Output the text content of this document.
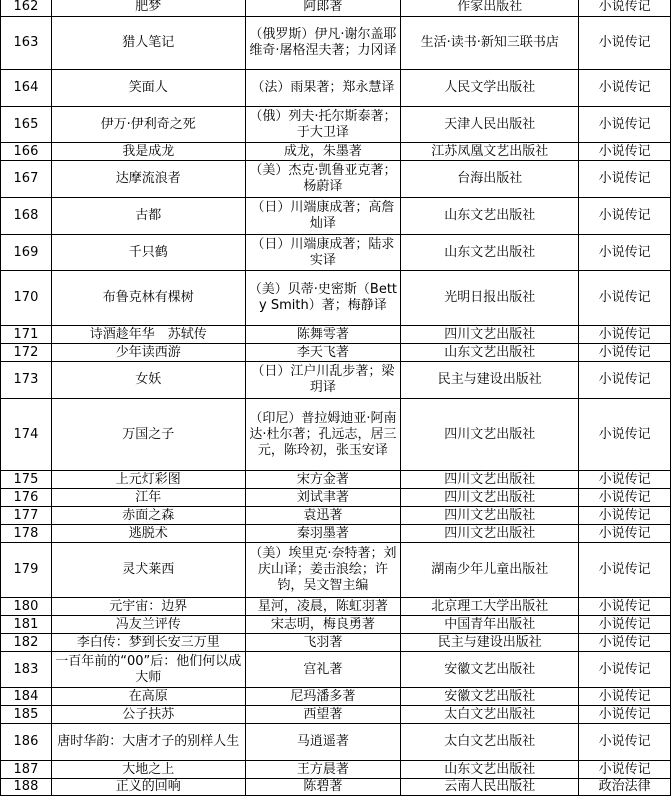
162	肥梦	阿郎著	作家出版社	小说传记
163	猎人笔记	（俄罗斯）伊凡·谢尔盖耶维奇·屠格涅夫著；力冈译	生活·读书·新知三联书店	小说传记
164	笑面人	（法）雨果著；郑永慧译	人民文学出版社	小说传记
165	伊万·伊利奇之死	（俄）列夫·托尔斯泰著；于大卫译	天津人民出版社	小说传记
166	我是成龙	成龙，朱墨著	江苏凤凰文艺出版社	小说传记
167	达摩流浪者	（美）杰克·凯鲁亚克著；杨蔚译	台海出版社	小说传记
168	古都	（日）川端康成著；高詹灿译	山东文艺出版社	小说传记
169	千只鹤	（日）川端康成著；陆求实译	山东文艺出版社	小说传记
170	布鲁克林有棵树	（美）贝蒂·史密斯（Betty Smith）著；梅静译	光明日报出版社	小说传记
171	诗酒趁年华　苏轼传	陈舞雩著	四川文艺出版社	小说传记
172	少年读西游	李天飞著	山东文艺出版社	小说传记
173	女妖	（日）江户川乱步著；梁玥译	民主与建设出版社	小说传记
174	万国之子	（印尼）普拉姆迪亚·阿南达·杜尔著；孔远志，居三元，陈玲初，张玉安译	四川文艺出版社	小说传记
175	上元灯彩图	宋方金著	四川文艺出版社	小说传记
176	江年	刘试聿著	四川文艺出版社	小说传记
177	赤面之森	袁迅著	四川文艺出版社	小说传记
178	逃脱术	秦羽墨著	四川文艺出版社	小说传记
179	灵犬莱西	（美）埃里克·奈特著；刘庆山译；姜击浪绘；许钧，吴文智主编	湖南少年儿童出版社	小说传记
180	元宇宙：边界	星河，凌晨，陈虹羽著	北京理工大学出版社	小说传记
181	冯友兰评传	宋志明，梅良勇著	中国青年出版社	小说传记
182	李白传：梦到长安三万里	飞羽著	民主与建设出版社	小说传记
183	一百年前的“00”后：他们何以成大师	宫礼著	安徽文艺出版社	小说传记
184	在高原	尼玛潘多著	安徽文艺出版社	小说传记
185	公子扶苏	西望著	太白文艺出版社	小说传记
186	唐时华韵：大唐才子的别样人生	马逍遥著	太白文艺出版社	小说传记
187	大地之上	王方晨著	山东文艺出版社	小说传记
188	正义的回响	陈碧著	云南人民出版社	政治法律
